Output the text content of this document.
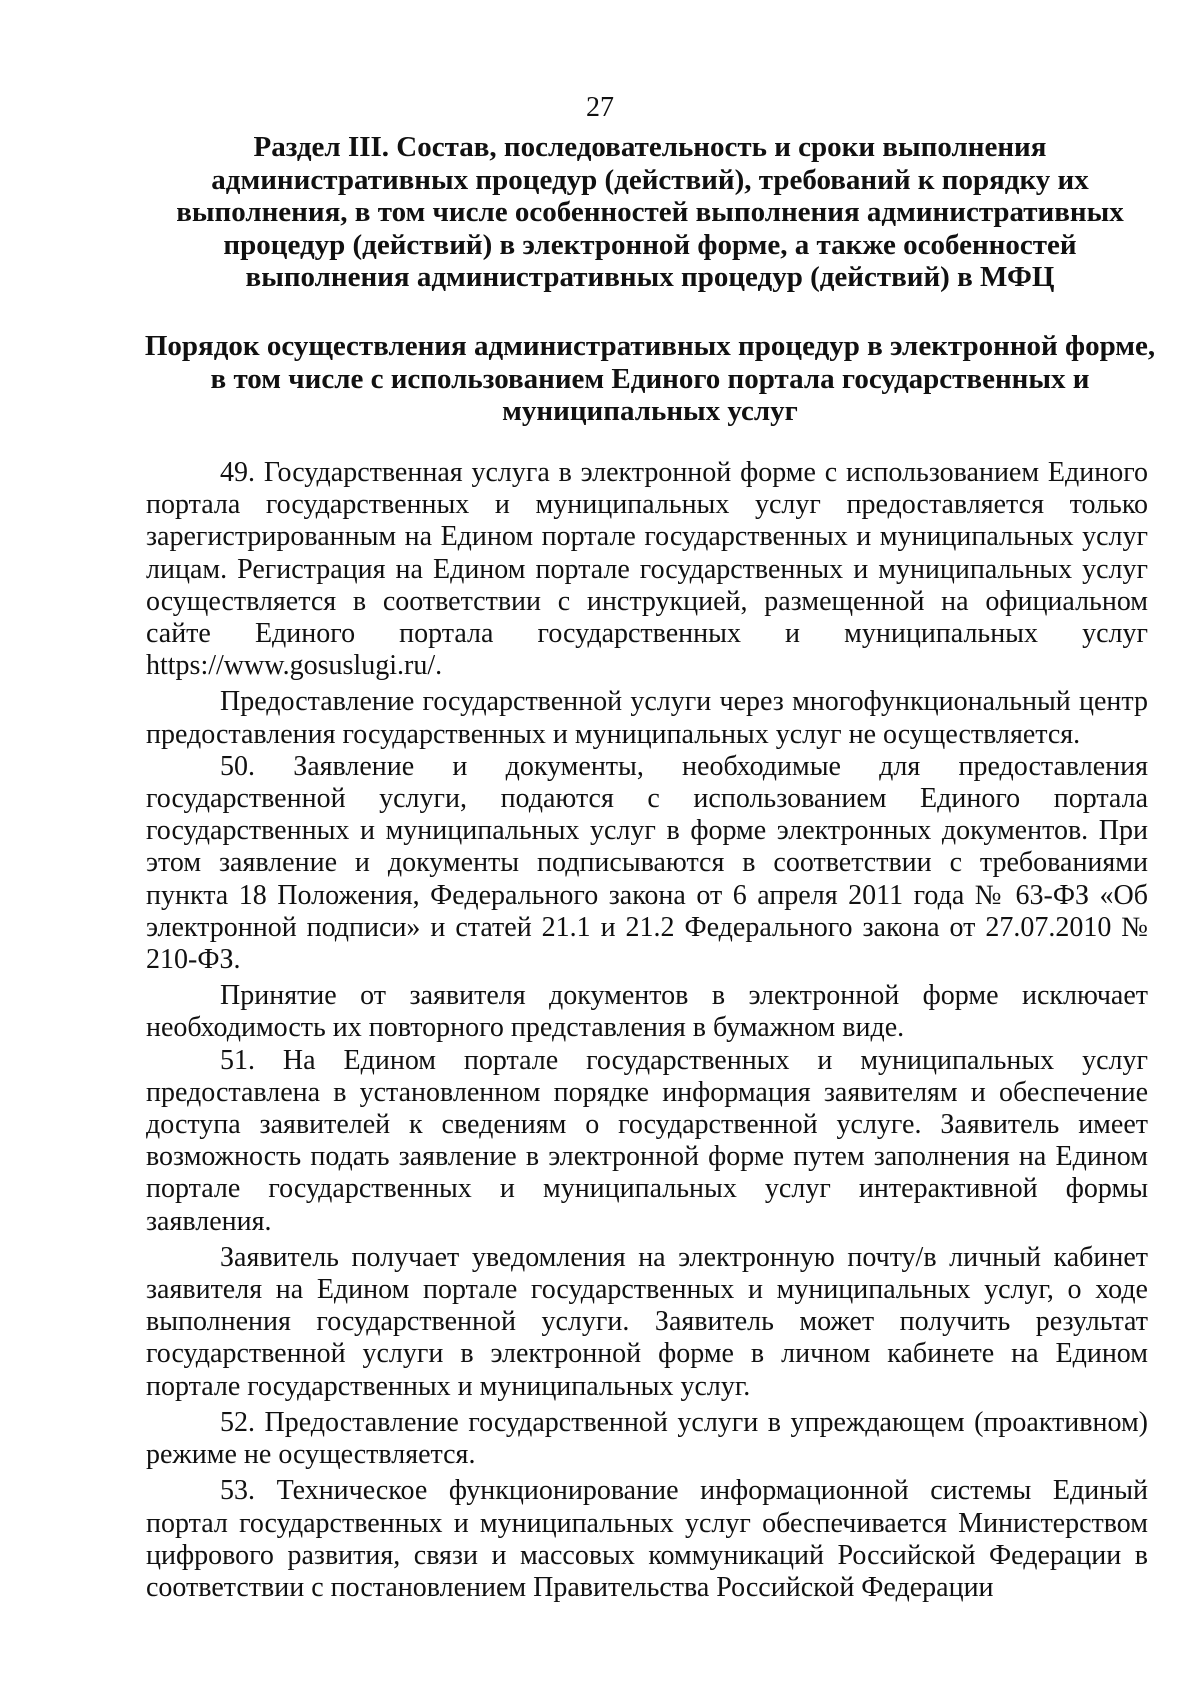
27
Раздел III. Состав, последовательность и сроки выполнения административных процедур (действий), требований к порядку их выполнения, в том числе особенностей выполнения административных процедур (действий) в электронной форме, а также особенностей выполнения административных процедур (действий) в МФЦ
Порядок осуществления административных процедур в электронной форме, в том числе с использованием Единого портала государственных и муниципальных услуг

49. Государственная услуга в электронной форме с использованием Единого портала государственных и муниципальных услуг предоставляется только зарегистрированным на Едином портале государственных и муниципальных услуг лицам. Регистрация на Едином портале государственных и муниципальных услуг осуществляется в соответствии с инструкцией, размещенной на официальном сайте Единого портала государственных и муниципальных услуг https://www.gosuslugi.ru/.

Предоставление государственной услуги через многофункциональный центр предоставления государственных и муниципальных услуг не осуществляется.

50. Заявление и документы, необходимые для предоставления государственной услуги, подаются с использованием Единого портала государственных и муниципальных услуг в форме электронных документов. При этом заявление и документы подписываются в соответствии с требованиями пункта 18 Положения, Федерального закона от 6 апреля 2011 года № 63-ФЗ «Об электронной подписи» и статей 21.1 и 21.2 Федерального закона от 27.07.2010 № 210-ФЗ.

Принятие от заявителя документов в электронной форме исключает необходимость их повторного представления в бумажном виде.

51. На Едином портале государственных и муниципальных услуг предоставлена в установленном порядке информация заявителям и обеспечение доступа заявителей к сведениям о государственной услуге. Заявитель имеет возможность подать заявление в электронной форме путем заполнения на Едином портале государственных и муниципальных услуг интерактивной формы заявления.

Заявитель получает уведомления на электронную почту/в личный кабинет заявителя на Едином портале государственных и муниципальных услуг, о ходе выполнения государственной услуги. Заявитель может получить результат государственной услуги в электронной форме в личном кабинете на Едином портале государственных и муниципальных услуг.

52. Предоставление государственной услуги в упреждающем (проактивном) режиме не осуществляется.

53. Техническое функционирование информационной системы Единый портал государственных и муниципальных услуг обеспечивается Министерством цифрового развития, связи и массовых коммуникаций Российской Федерации в соответствии с постановлением Правительства Российской Федерации
